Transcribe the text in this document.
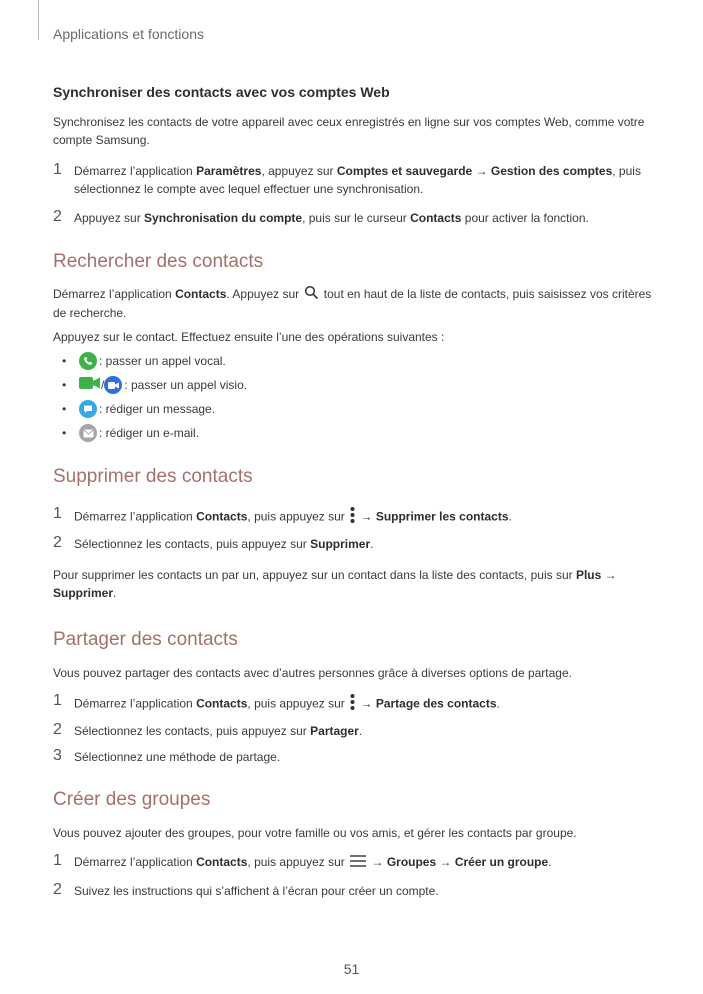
Applications et fonctions
Synchroniser des contacts avec vos comptes Web
Synchronisez les contacts de votre appareil avec ceux enregistrés en ligne sur vos comptes Web, comme votre compte Samsung.
1 Démarrez l’application Paramètres, appuyez sur Comptes et sauvegarde → Gestion des comptes, puis sélectionnez le compte avec lequel effectuer une synchronisation.
2 Appuyez sur Synchronisation du compte, puis sur le curseur Contacts pour activer la fonction.
Rechercher des contacts
Démarrez l’application Contacts. Appuyez sur  tout en haut de la liste de contacts, puis saisissez vos critères de recherche.
Appuyez sur le contact. Effectuez ensuite l’une des opérations suivantes :
•	: passer un appel vocal.
•	/ : passer un appel visio.
•	: rédiger un message.
•	: rédiger un e-mail.
Supprimer des contacts
1 Démarrez l’application Contacts, puis appuyez sur  → Supprimer les contacts.
2 Sélectionnez les contacts, puis appuyez sur Supprimer.
Pour supprimer les contacts un par un, appuyez sur un contact dans la liste des contacts, puis sur Plus → Supprimer.
Partager des contacts
Vous pouvez partager des contacts avec d’autres personnes grâce à diverses options de partage.
1 Démarrez l’application Contacts, puis appuyez sur  → Partage des contacts.
2 Sélectionnez les contacts, puis appuyez sur Partager.
3 Sélectionnez une méthode de partage.
Créer des groupes
Vous pouvez ajouter des groupes, pour votre famille ou vos amis, et gérer les contacts par groupe.
1 Démarrez l’application Contacts, puis appuyez sur  → Groupes → Créer un groupe.
2 Suivez les instructions qui s’affichent à l’écran pour créer un compte.
51
